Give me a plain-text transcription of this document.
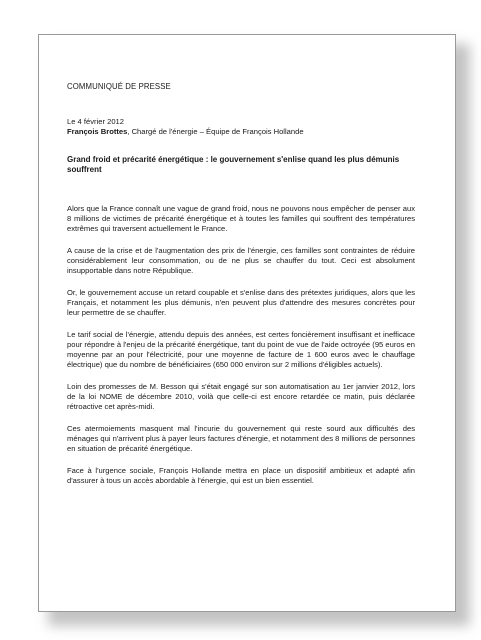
COMMUNIQUÉ DE PRESSE

Le 4 février 2012

François Brottes, Chargé de l'énergie – Équipe de François Hollande

Grand froid et précarité énergétique : le gouvernement s'enlise quand les plus démunis souffrent

Alors que la France connaît une vague de grand froid, nous ne pouvons nous empêcher de penser aux 8 millions de victimes de précarité énergétique et à toutes les familles qui souffrent des températures extrêmes qui traversent actuellement le France.

A cause de la crise et de l'augmentation des prix de l'énergie, ces familles sont contraintes de réduire considérablement leur consommation, ou de ne plus se chauffer du tout. Ceci est absolument insupportable dans notre République.

Or, le gouvernement accuse un retard coupable et s'enlise dans des prétextes juridiques, alors que les Français, et notamment les plus démunis, n'en peuvent plus d'attendre des mesures concrètes pour leur permettre de se chauffer.

Le tarif social de l'énergie, attendu depuis des années, est certes foncièrement insuffisant et inefficace pour répondre à l'enjeu de la précarité énergétique, tant du point de vue de l'aide octroyée (95 euros en moyenne par an pour l'électricité, pour une moyenne de facture de 1 600 euros avec le chauffage électrique) que du nombre de bénéficiaires (650 000 environ sur 2 millions d'éligibles actuels).

Loin des promesses de M. Besson qui s'était engagé sur son automatisation au 1er janvier 2012, lors de la loi NOME de décembre 2010, voilà que celle-ci est encore retardée ce matin, puis déclarée rétroactive cet après-midi.

Ces atermoiements masquent mal l'incurie du gouvernement qui reste sourd aux difficultés des ménages qui n'arrivent plus à payer leurs factures d'énergie, et notamment des 8 millions de personnes en situation de précarité énergétique.

Face à l'urgence sociale, François Hollande mettra en place un dispositif ambitieux et adapté afin d'assurer à tous un accès abordable à l'énergie, qui est un bien essentiel.
